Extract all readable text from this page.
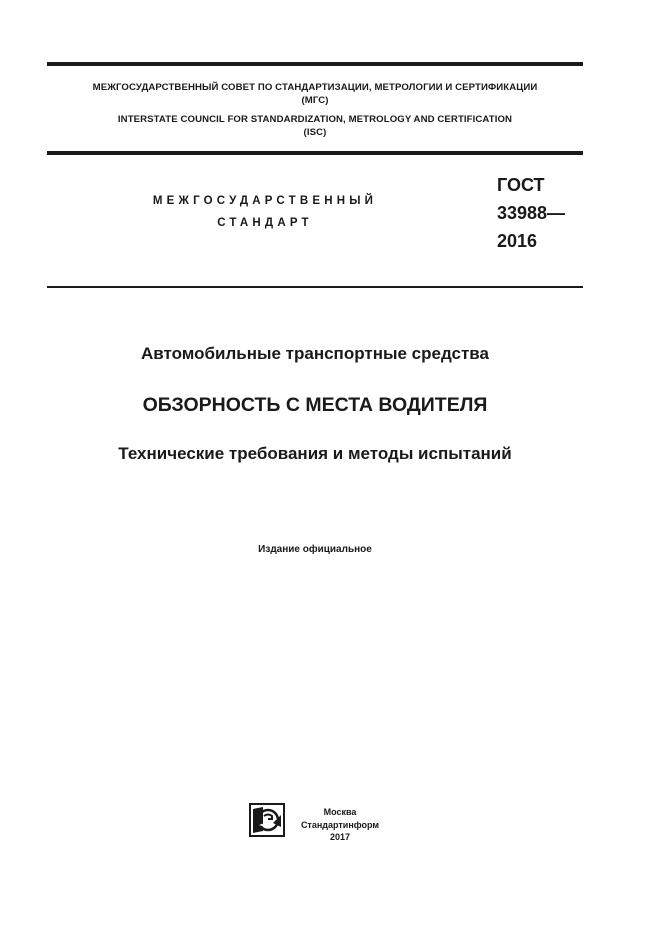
МЕЖГОСУДАРСТВЕННЫЙ СОВЕТ ПО СТАНДАРТИЗАЦИИ, МЕТРОЛОГИИ И СЕРТИФИКАЦИИ
(МГС)
INTERSTATE COUNCIL FOR STANDARDIZATION, METROLOGY AND CERTIFICATION
(ISC)
МЕЖГОСУДАРСТВЕННЫЙ
СТАНДАРТ
ГОСТ
33988—
2016
Автомобильные транспортные средства
ОБЗОРНОСТЬ С МЕСТА ВОДИТЕЛЯ
Технические требования и методы испытаний
Издание официальное
Москва
Стандартинформ
2017
